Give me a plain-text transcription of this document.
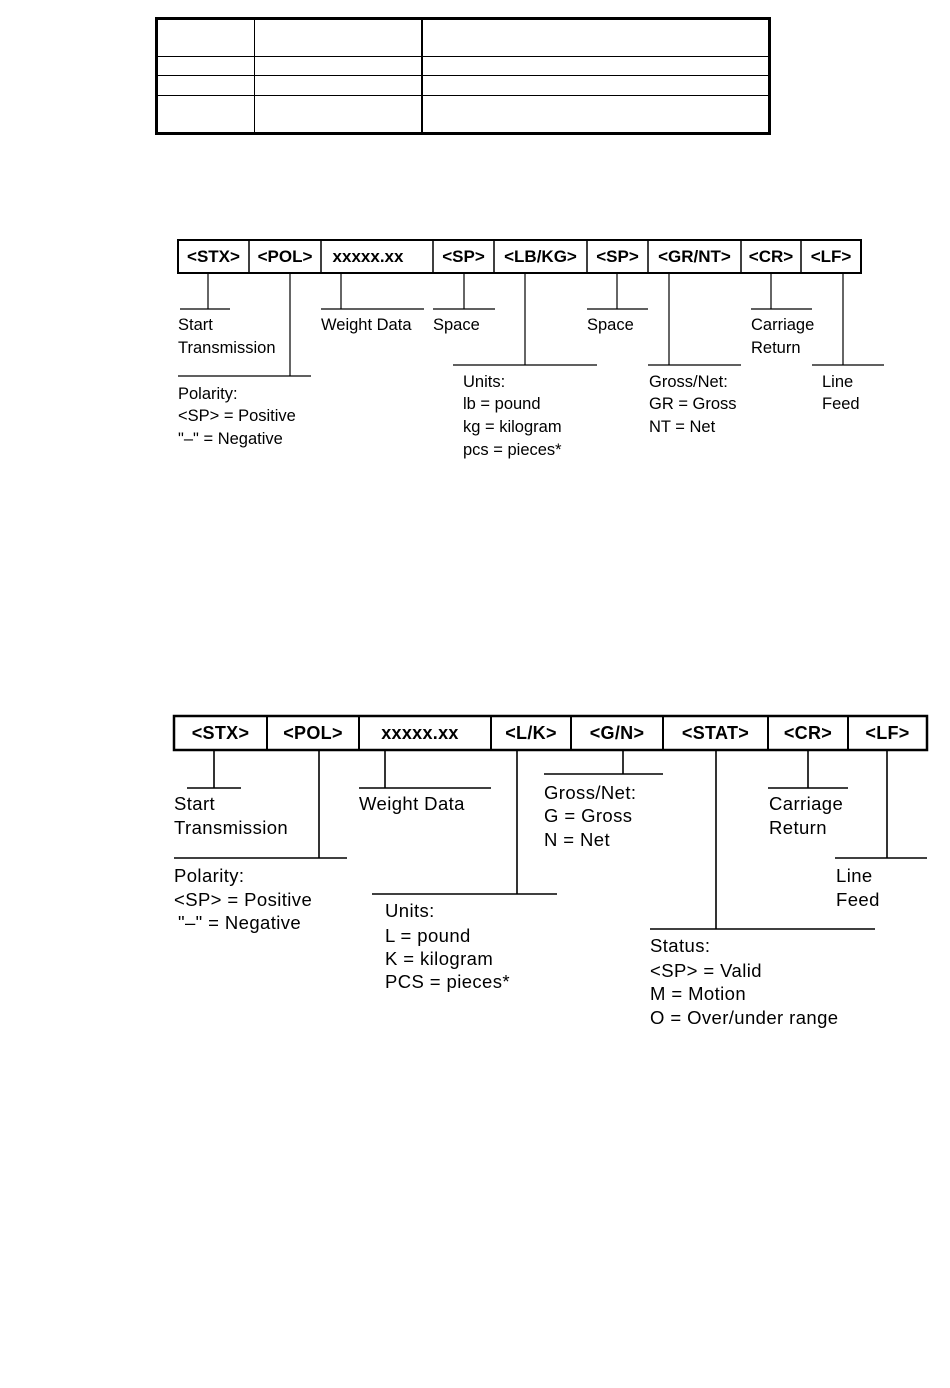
<STX> <POL> xxxxx.xx <SP> <LB/KG> <SP> <GR/NT> <CR> <LF>
Start
Transmission
Polarity:
<SP> = Positive
"–" = Negative
Weight Data Space
Units:
lb = pound
kg = kilogram
pcs = pieces*
Space
Gross/Net:
GR = Gross
NT = Net
Carriage
Return
Line
Feed
<STX> <POL> xxxxx.xx	<L/K> <G/N> <STAT> <CR> <LF>
Start
Transmission
Polarity:
<SP> = Positive
"–" = Negative
Weight Data
Units:
L = pound
K = kilogram
PCS = pieces*
Gross/Net:
G = Gross
N = Net
Status:
<SP> = Valid
M = Motion
O = Over/under range
Carriage
Return
Line
Feed
